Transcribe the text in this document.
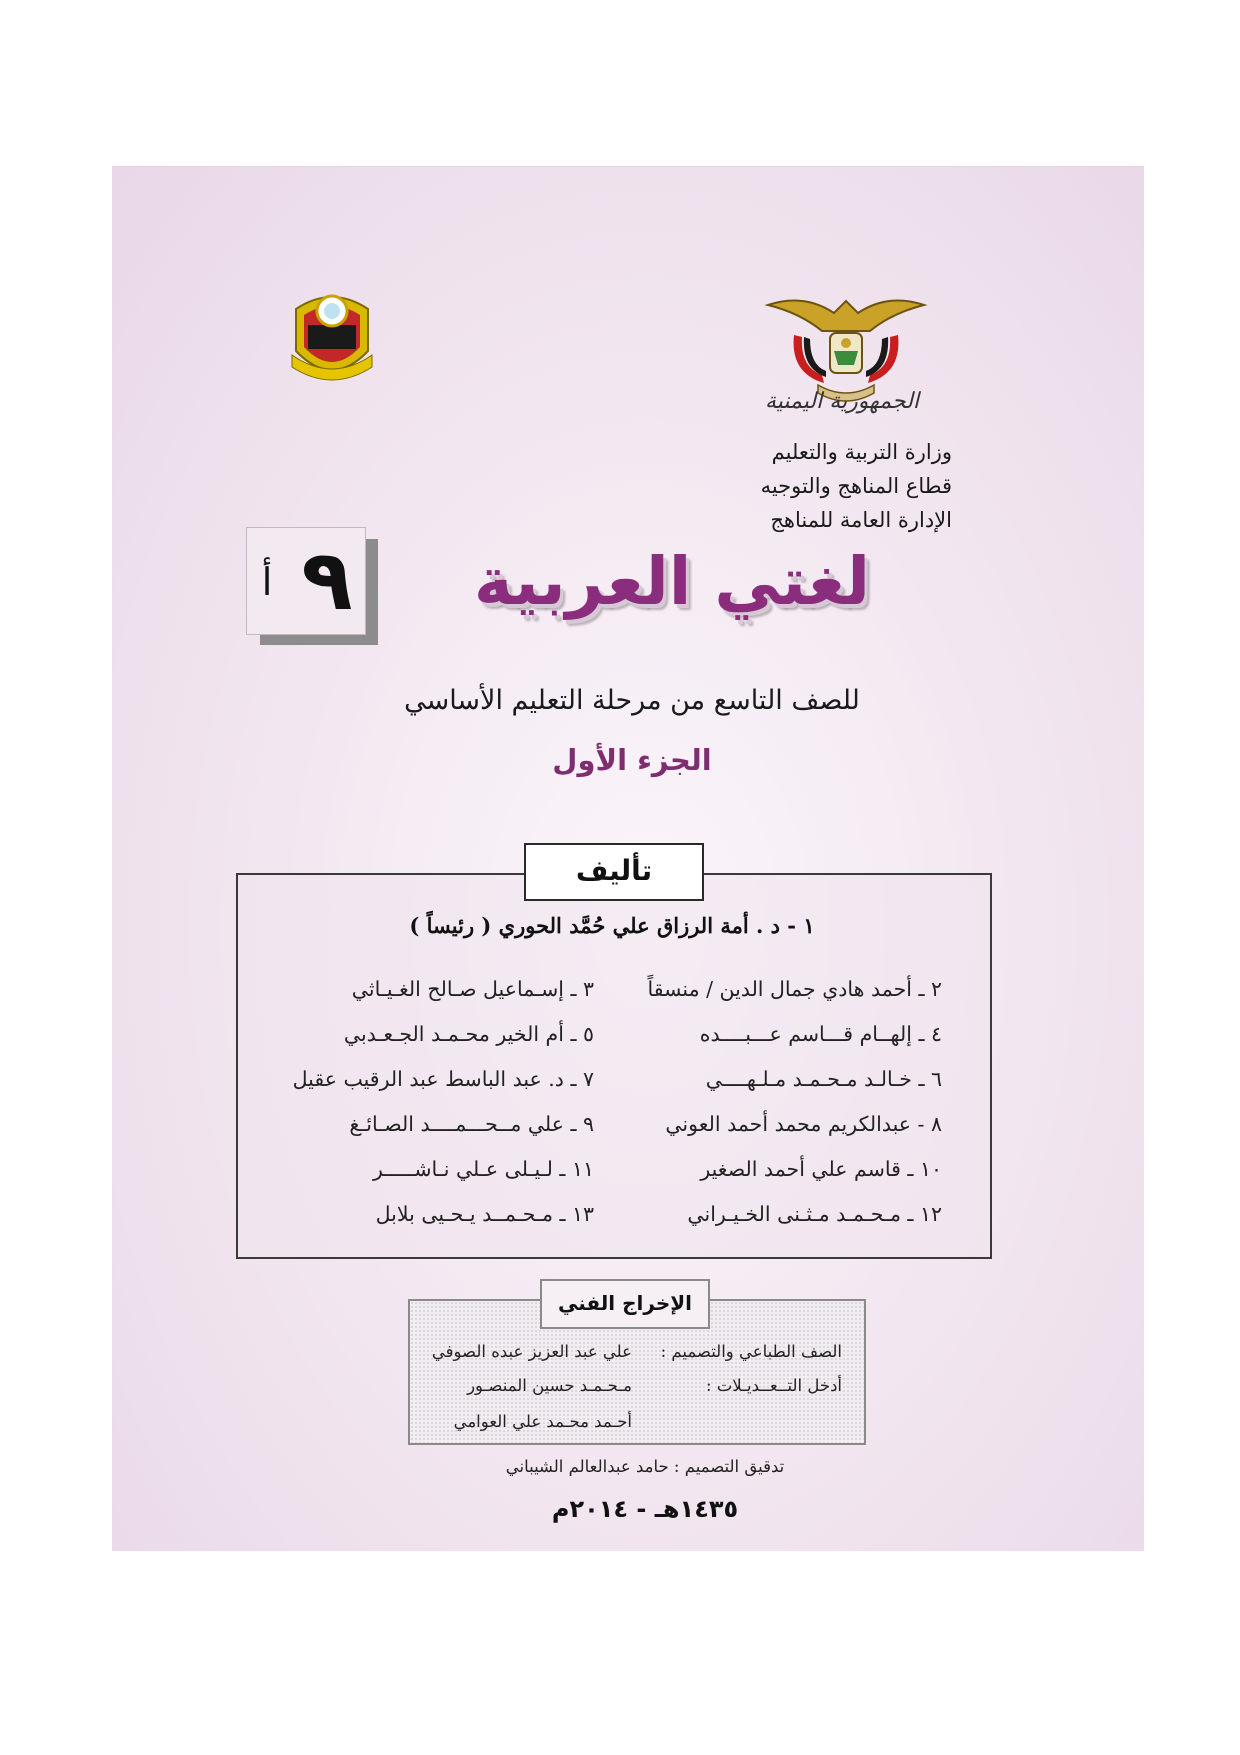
الجمهورية اليمنية
وزارة التربية والتعليم
قطاع المناهج والتوجيه
الإدارة العامة للمناهج
لغتي العربية
٩
أ
للصف التاسع من مرحلة التعليم الأساسي
الجزء الأول
تأليف
١ - د . أمة الرزاق علي حُمَّد الحوري ( رئيساً )
٢ ـ أحمد هادي جمال الدين / منسقاً
٤ ـ إلهــام قـــاسم عـــبــــده
٦ ـ خـالـد مـحـمـد مـلـهــــي
٨ - عبدالكريم محمد أحمد العوني
١٠ ـ قاسم علي أحمد الصغير
١٢ ـ مـحـمـد مـثـنى الخـيـراني
٣ ـ إسـماعيل صـالح الغـيـاثي
٥ ـ أم الخير محـمـد الجـعـدبي
٧ ـ د. عبد الباسط عبد الرقيب عقيل
٩ ـ علي مــحـــمــــد الصـائـغ
١١ ـ لـيـلى عـلي نـاشـــــر
١٣ ـ مـحـمــد يـحـيى بلابل
الإخراج الفني
الصف الطباعي والتصميم :
علي عبد العزيز عبده الصوفي
أدخل التــعــديـلات :
مـحـمـد حسين المنصـور
أحـمد محـمد علي العوامي
تدقيق التصميم : حامد عبدالعالم الشيباني
١٤٣٥هـ - ٢٠١٤م
